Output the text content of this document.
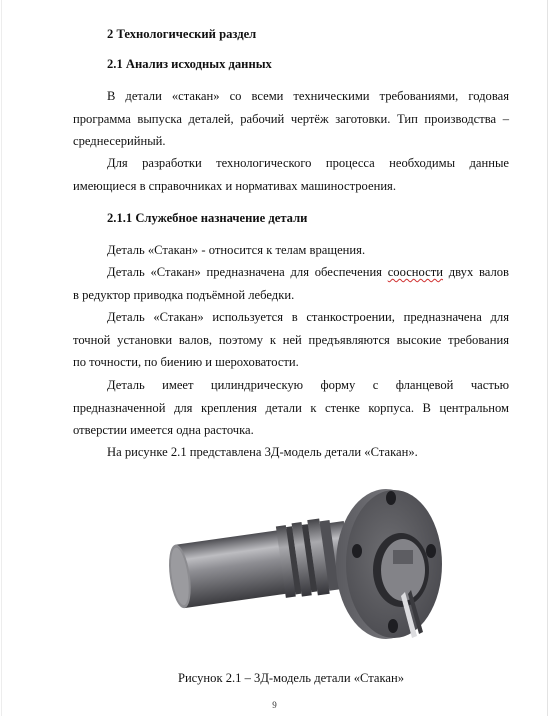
2 Технологический раздел
2.1 Анализ исходных данных
В детали «стакан» со всеми техническими требованиями, годовая
программа выпуска деталей, рабочий чертёж заготовки. Тип производства –
среднесерийный.
Для разработки технологического процесса необходимы данные
имеющиеся в справочниках и нормативах машиностроения.
2.1.1 Служебное назначение детали
Деталь «Стакан» - относится к телам вращения.
Деталь «Стакан» предназначена для обеспечения соосности двух валов
в редуктор приводка подъёмной лебедки.
Деталь «Стакан» используется в станкостроении, предназначена для
точной установки валов, поэтому к ней предъявляются высокие требования
по точности, по биению и шероховатости.
Деталь имеет цилиндрическую форму с фланцевой частью
предназначенной для крепления детали к стенке корпуса. В центральном
отверстии имеется одна расточка.
На рисунке 2.1 представлена 3Д-модель детали «Стакан».
Рисунок 2.1 – 3Д-модель детали «Стакан»
9
